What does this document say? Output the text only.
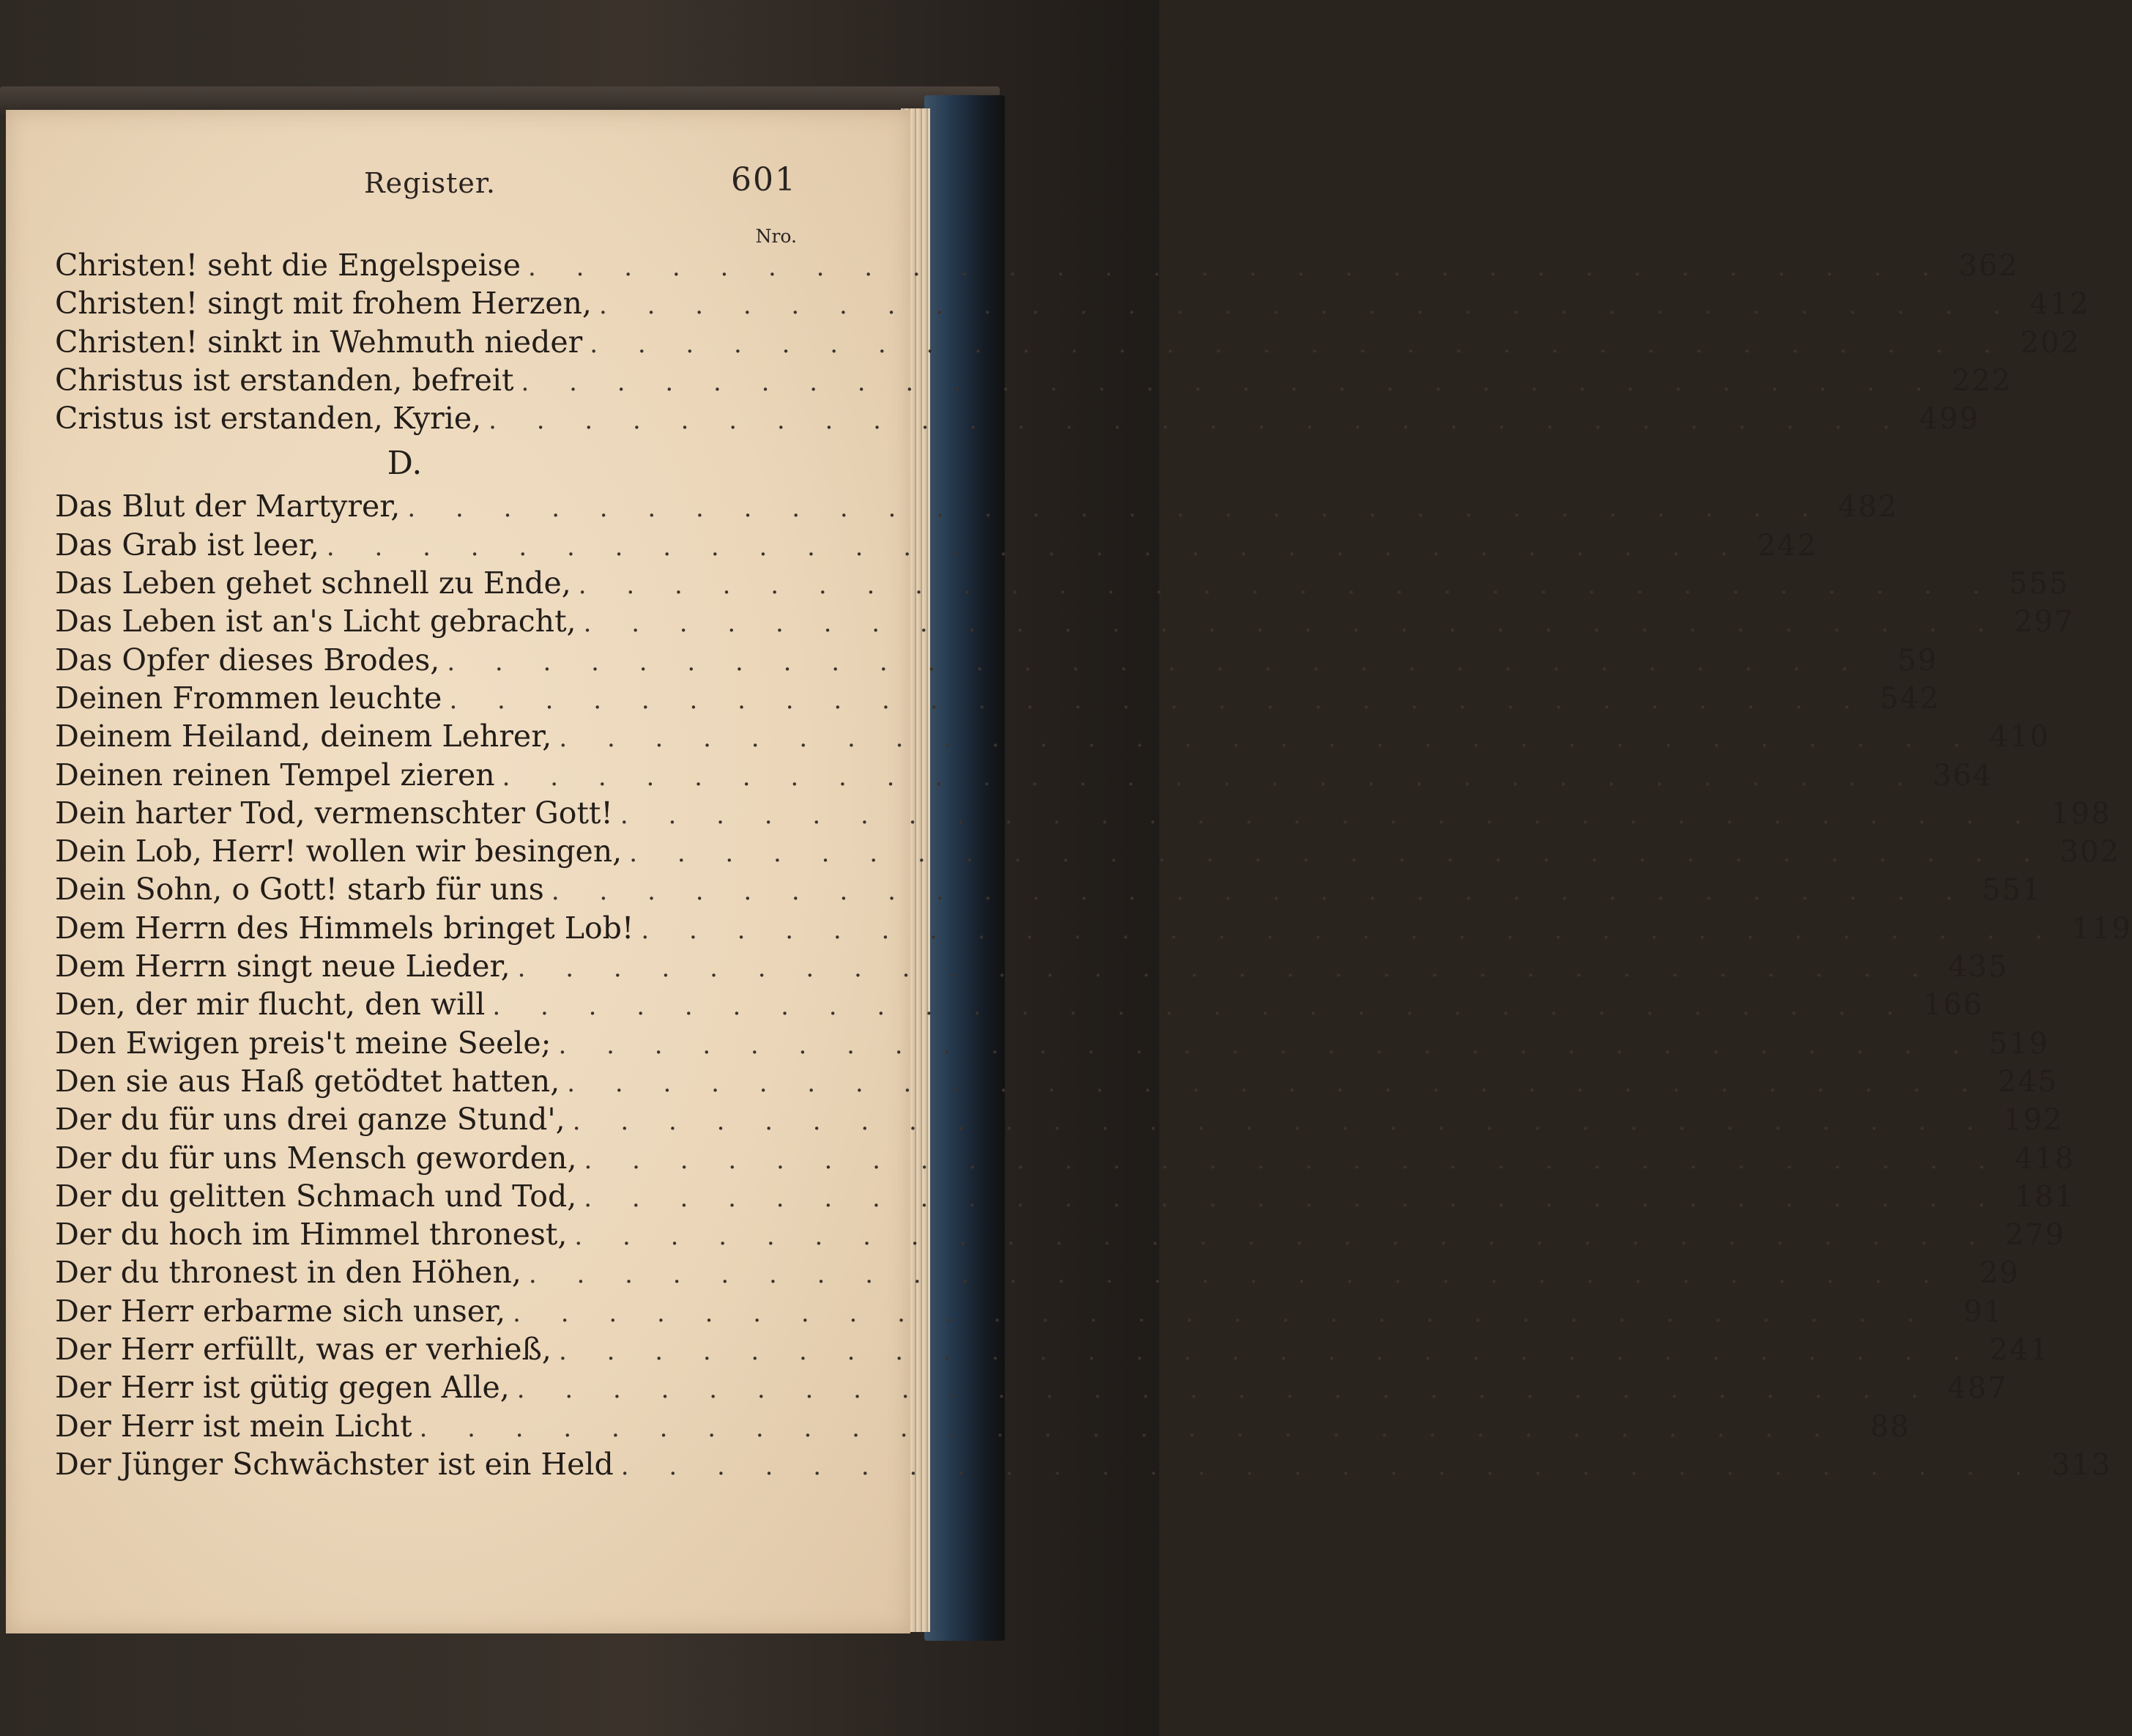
Register.	601
Nro.
Christen! seht die Engelspeise . . . . . . . . . . . . . . . . . . . . . . . . . . . . . . 362
Christen! singt mit frohem Herzen, . . . . . . . . . . . . . . . . . . . . . . . . . . . . . . 412
Christen! sinkt in Wehmuth nieder . . . . . . . . . . . . . . . . . . . . . . . . . . . . . . 202
Christus ist erstanden, befreit . . . . . . . . . . . . . . . . . . . . . . . . . . . . . . 222
Cristus ist erstanden, Kyrie, . . . . . . . . . . . . . . . . . . . . . . . . . . . . . . 499
D.
Das Blut der Martyrer, . . . . . . . . . . . . . . . . . . . . . . . . . . . . . . 482
Das Grab ist leer, . . . . . . . . . . . . . . . . . . . . . . . . . . . . . . 242
Das Leben gehet schnell zu Ende, . . . . . . . . . . . . . . . . . . . . . . . . . . . . . . 555
Das Leben ist an's Licht gebracht, . . . . . . . . . . . . . . . . . . . . . . . . . . . . . . 297
Das Opfer dieses Brodes, . . . . . . . . . . . . . . . . . . . . . . . . . . . . . .	59
Deinen Frommen leuchte . . . . . . . . . . . . . . . . . . . . . . . . . . . . . . 542
Deinem Heiland, deinem Lehrer, . . . . . . . . . . . . . . . . . . . . . . . . . . . . . . 410
Deinen reinen Tempel zieren . . . . . . . . . . . . . . . . . . . . . . . . . . . . . . 364
Dein harter Tod, vermenschter Gott! . . . . . . . . . . . . . . . . . . . . . . . . . . . . . . 198
Dein Lob, Herr! wollen wir besingen, . . . . . . . . . . . . . . . . . . . . . . . . . . . . . . 302
Dein Sohn, o Gott! starb für uns . . . . . . . . . . . . . . . . . . . . . . . . . . . . . . 551
Dem Herrn des Himmels bringet Lob! . . . . . . . . . . . . . . . . . . . . . . . . . . . . . . 119
Dem Herrn singt neue Lieder, . . . . . . . . . . . . . . . . . . . . . . . . . . . . . . 435
Den, der mir flucht, den will . . . . . . . . . . . . . . . . . . . . . . . . . . . . . . 166
Den Ewigen preis't meine Seele; . . . . . . . . . . . . . . . . . . . . . . . . . . . . . . 519
Den sie aus Haß getödtet hatten, . . . . . . . . . . . . . . . . . . . . . . . . . . . . . . 245
Der du für uns drei ganze Stund', . . . . . . . . . . . . . . . . . . . . . . . . . . . . . . 192
Der du für uns Mensch geworden, . . . . . . . . . . . . . . . . . . . . . . . . . . . . . . 418
Der du gelitten Schmach und Tod, . . . . . . . . . . . . . . . . . . . . . . . . . . . . . . 181
Der du hoch im Himmel thronest, . . . . . . . . . . . . . . . . . . . . . . . . . . . . . . 279
Der du thronest in den Höhen, . . . . . . . . . . . . . . . . . . . . . . . . . . . . . .	29
Der Herr erbarme sich unser, . . . . . . . . . . . . . . . . . . . . . . . . . . . . . .	91
Der Herr erfüllt, was er verhieß, . . . . . . . . . . . . . . . . . . . . . . . . . . . . . . 241
Der Herr ist gütig gegen Alle, . . . . . . . . . . . . . . . . . . . . . . . . . . . . . . 487
Der Herr ist mein Licht . . . . . . . . . . . . . . . . . . . . . . . . . . . . . .	88
Der Jünger Schwächster ist ein Held . . . . . . . . . . . . . . . . . . . . . . . . . . . . . . 313
